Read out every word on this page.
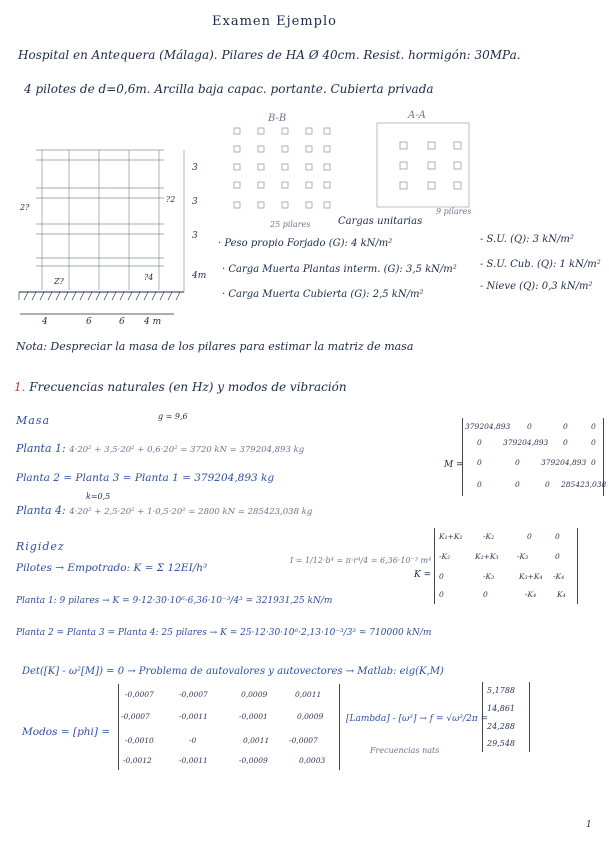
Examen Ejemplo
Hospital en Antequera (Málaga). Pilares de HA Ø 40cm. Resist. hormigón: 30MPa.
4 pilotes de d=0,6m. Arcilla baja capac. portante. Cubierta privada
2?
Z?
?2
?4
3
3
3
4m
4	6	6 4 m
B-B
25 pilares
A-A
9 pilares
Cargas unitarias
· Peso propio Forjado (G): 4 kN/m²
· Carga Muerta Plantas interm. (G): 3,5 kN/m²
· Carga Muerta Cubierta (G): 2,5 kN/m²
- S.U. (Q): 3 kN/m²
- S.U. Cub. (Q): 1 kN/m²
- Nieve (Q): 0,3 kN/m²
Nota: Despreciar la masa de los pilares para estimar la matriz de masa
1. Frecuencias naturales (en Hz) y modos de vibración
Masa	g = 9,6
Planta 1: 4·20² + 3,5·20² + 0,6·20² = 3720 kN = 379204,893 kg
Planta 2 = Planta 3 = Planta 1 = 379204,893 kg
k=0,5
Planta 4: 4·20² + 2,5·20² + 1·0,5·20² = 2800 kN = 285423,038 kg
M =
379204,893 0	0	0
0	379204,893 0	0
0	0	379204,893 0
0	0	0 285423,038
Rigidez
Pilotes → Empotrado: K = Σ 12EI/h³
I = 1/12·b⁴ = π·r⁴/4 = 6,36·10⁻³ m⁴
Planta 1: 9 pilares → K = 9·12·30·10⁶·6,36·10⁻³/4³ = 321931,25 kN/m
Planta 2 = Planta 3 = Planta 4: 25 pilares → K = 25·12·30·10⁶·2,13·10⁻³/3³ = 710000 kN/m
K =
K₁+K₂	-K₂	0	0
-K₂	K₂+K₃ -K₃	0
0	-K₃	K₃+K₄ -K₄
0	0	-K₄	K₄
Det([K] - ω²[M]) = 0 → Problema de autovalores y autovectores → Matlab: eig(K,M)
Modos = [phi] =
-0,0007	-0,0007	0,0009	0,0011
-0,0007	-0,0011	-0,0001	0,0009
-0,0010	-0	0,0011	-0,0007
-0,0012	-0,0011	-0,0009	0,0003
[Lambda] - [ω²] → f = √ω²/2π =
Frecuencias nats
5,1788
14,861
24,288
29,548
1
